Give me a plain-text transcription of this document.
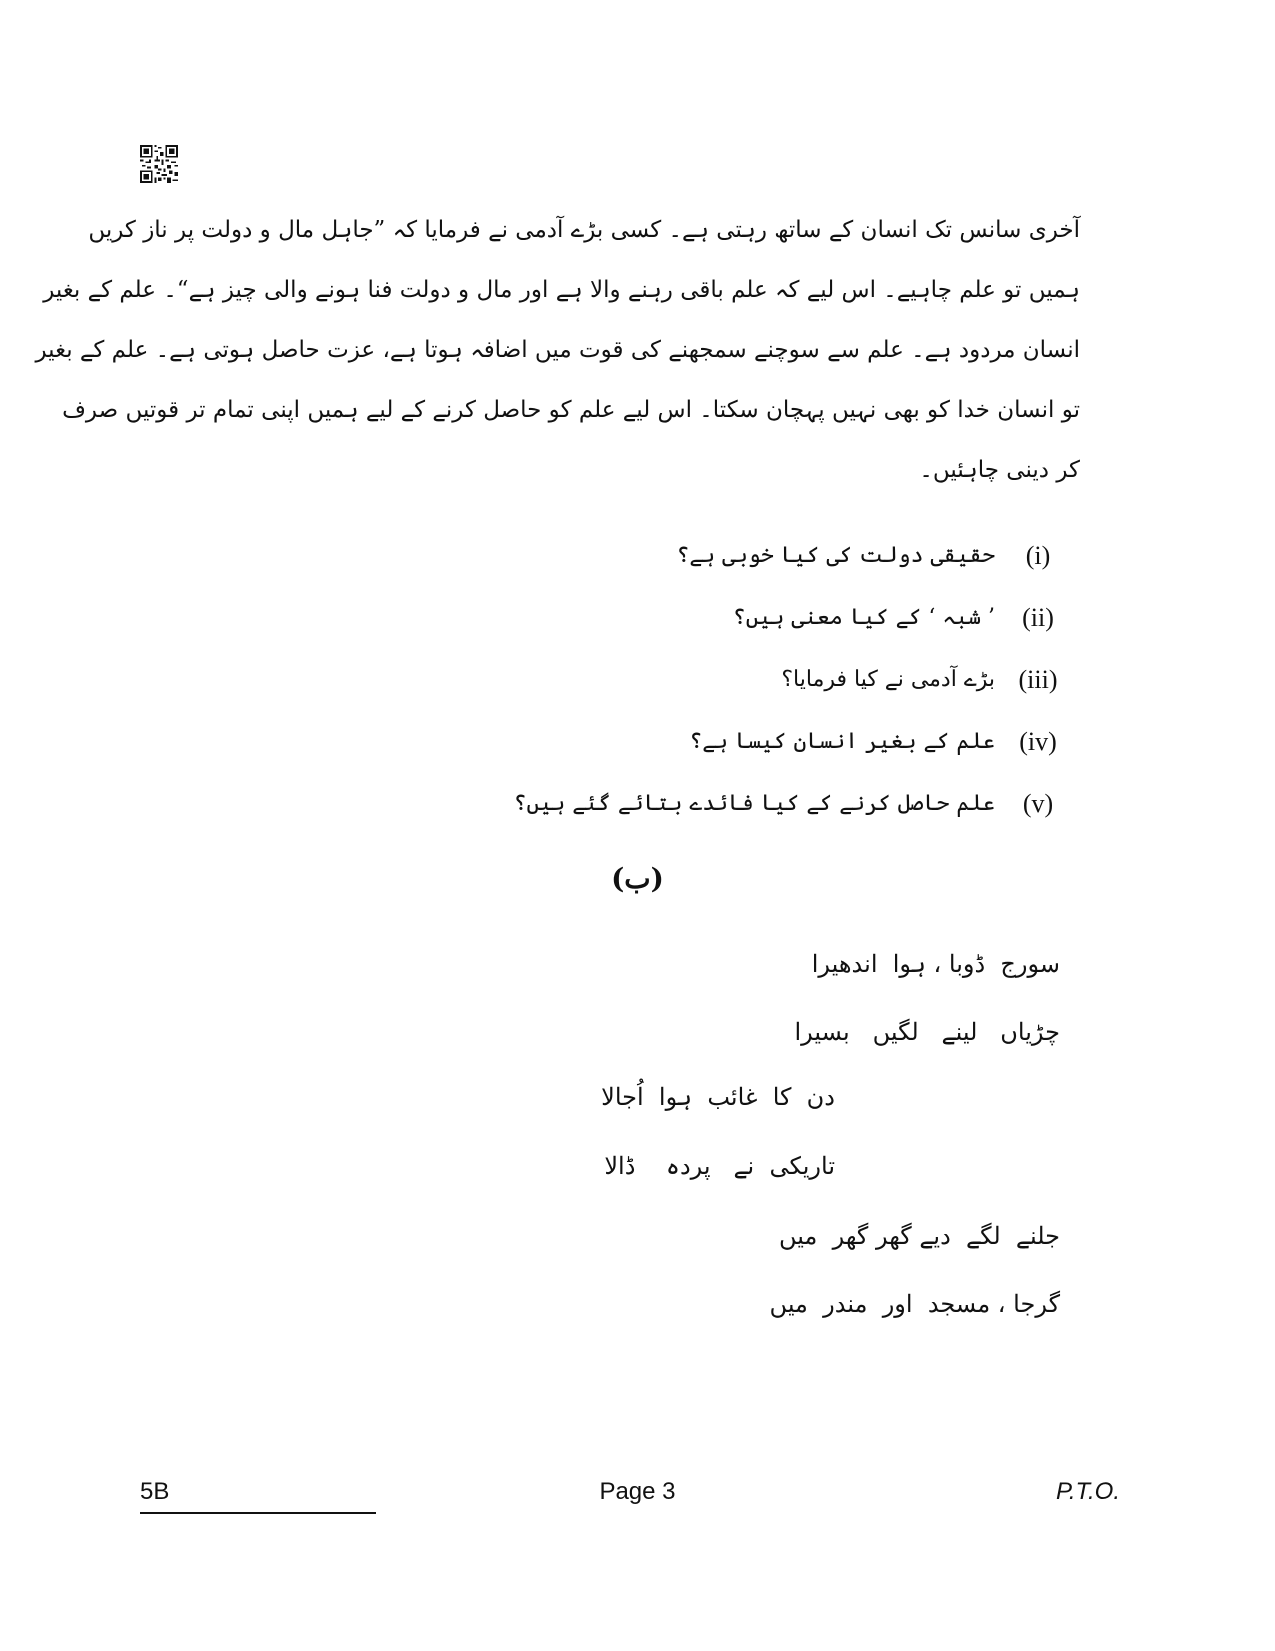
آخری سانس تک انسان کے ساتھ رہتی ہے۔ کسی بڑے آدمی نے فرمایا کہ ”جاہل مال و دولت پر ناز کریں
ہمیں تو علم چاہیے۔ اس لیے کہ علم باقی رہنے والا ہے اور مال و دولت فنا ہونے والی چیز ہے“۔ علم کے بغیر
انسان مردود ہے۔ علم سے سوچنے سمجھنے کی قوت میں اضافہ ہوتا ہے، عزت حاصل ہوتی ہے۔ علم کے بغیر
تو انسان خدا کو بھی نہیں پہچان سکتا۔ اس لیے علم کو حاصل کرنے کے لیے ہمیں اپنی تمام تر قوتیں صرف
کر دینی چاہئیں۔
(i)
حقیقی دولت کی کیا خوبی ہے؟
(ii)
’ شبہ ‘ کے کیا معنی ہیں؟
(iii)
بڑے آدمی نے کیا فرمایا؟
(iv)
علم کے بغیر انسان کیسا ہے؟
(v)
علم حاصل کرنے کے کیا فائدے بتائے گئے ہیں؟
(ب)
سورج  ڈوبا ، ہوا  اندھیرا
چڑیاں   لینے   لگیں   بسیرا
دن  کا  غائب  ہوا  اُجالا
تاریکی  نے   پردہ    ڈالا
جلنے  لگے  دیے گھر گھر  میں
گرجا ، مسجد  اور  مندر  میں
5B	Page 3	P.T.O.
